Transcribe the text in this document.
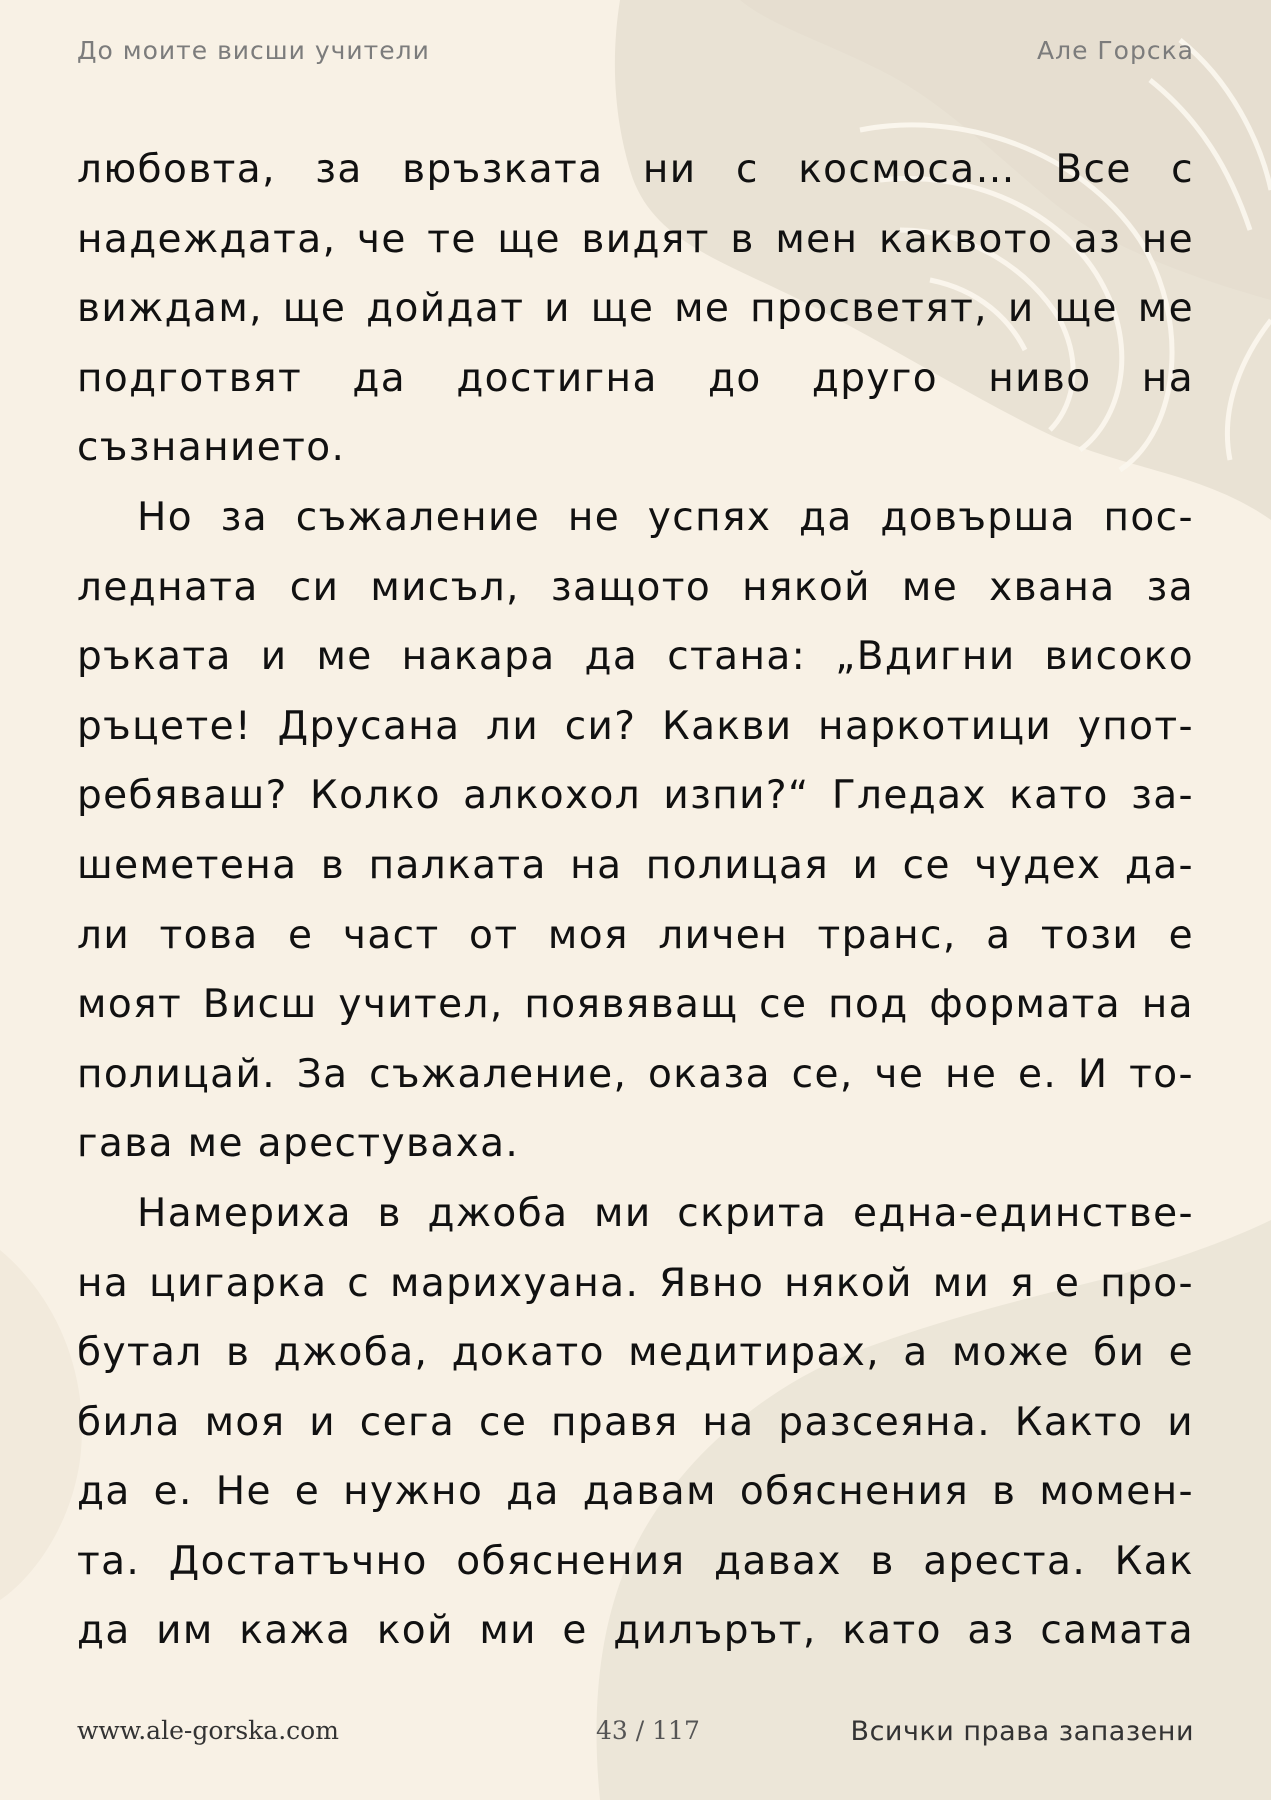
До моите висши учители	Але Горска
любовта, за връзката ни с космоса… Все с
надеждата, че те ще видят в мен каквото аз не
виждам, ще дойдат и ще ме просветят, и ще ме
подготвят да достигна до друго ниво на
съзнанието.
Но за съжаление не успях да довърша пос-
ледната си мисъл, защото някой ме хвана за
ръката и ме накара да стана: „Вдигни високо
ръцете! Друсана ли си? Какви наркотици упот-
ребяваш? Колко алкохол изпи?“ Гледах като за-
шеметена в палката на полицая и се чудех да-
ли това е част от моя личен транс, а този е
моят Висш учител, появяващ се под формата на
полицай. За съжаление, оказа се, че не е. И то-
гава ме арестуваха.
Намериха в джоба ми скрита една-единстве-
на цигарка с марихуана. Явно някой ми я е про-
бутал в джоба, докато медитирах, а може би е
била моя и сега се правя на разсеяна. Както и
да е. Не е нужно да давам обяснения в момен-
та. Достатъчно обяснения давах в ареста. Как
да им кажа кой ми е дилърът, като аз самата
www.ale-gorska.com	43 / 117	Всички права запазени
